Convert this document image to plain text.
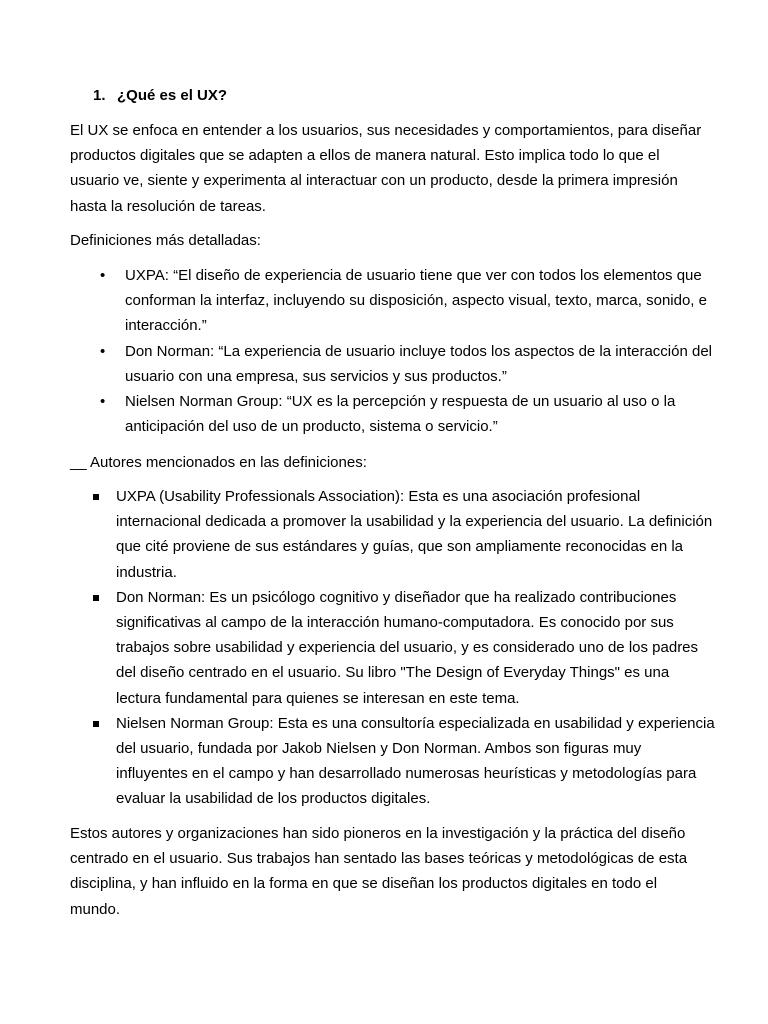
1. ¿Qué es el UX?

El UX se enfoca en entender a los usuarios, sus necesidades y comportamientos, para diseñar productos digitales que se adapten a ellos de manera natural. Esto implica todo lo que el usuario ve, siente y experimenta al interactuar con un producto, desde la primera impresión hasta la resolución de tareas.

Definiciones más detalladas:

• UXPA: “El diseño de experiencia de usuario tiene que ver con todos los elementos que conforman la interfaz, incluyendo su disposición, aspecto visual, texto, marca, sonido, e interacción.”
• Don Norman: “La experiencia de usuario incluye todos los aspectos de la interacción del usuario con una empresa, sus servicios y sus productos.”
• Nielsen Norman Group: “UX es la percepción y respuesta de un usuario al uso o la anticipación del uso de un producto, sistema o servicio.”

__ Autores mencionados en las definiciones:

UXPA (Usability Professionals Association): Esta es una asociación profesional internacional dedicada a promover la usabilidad y la experiencia del usuario. La definición que cité proviene de sus estándares y guías, que son ampliamente reconocidas en la industria.
Don Norman: Es un psicólogo cognitivo y diseñador que ha realizado contribuciones significativas al campo de la interacción humano-computadora. Es conocido por sus trabajos sobre usabilidad y experiencia del usuario, y es considerado uno de los padres del diseño centrado en el usuario. Su libro "The Design of Everyday Things" es una lectura fundamental para quienes se interesan en este tema.
Nielsen Norman Group: Esta es una consultoría especializada en usabilidad y experiencia del usuario, fundada por Jakob Nielsen y Don Norman. Ambos son figuras muy influyentes en el campo y han desarrollado numerosas heurísticas y metodologías para evaluar la usabilidad de los productos digitales.

Estos autores y organizaciones han sido pioneros en la investigación y la práctica del diseño centrado en el usuario. Sus trabajos han sentado las bases teóricas y metodológicas de esta disciplina, y han influido en la forma en que se diseñan los productos digitales en todo el mundo.
